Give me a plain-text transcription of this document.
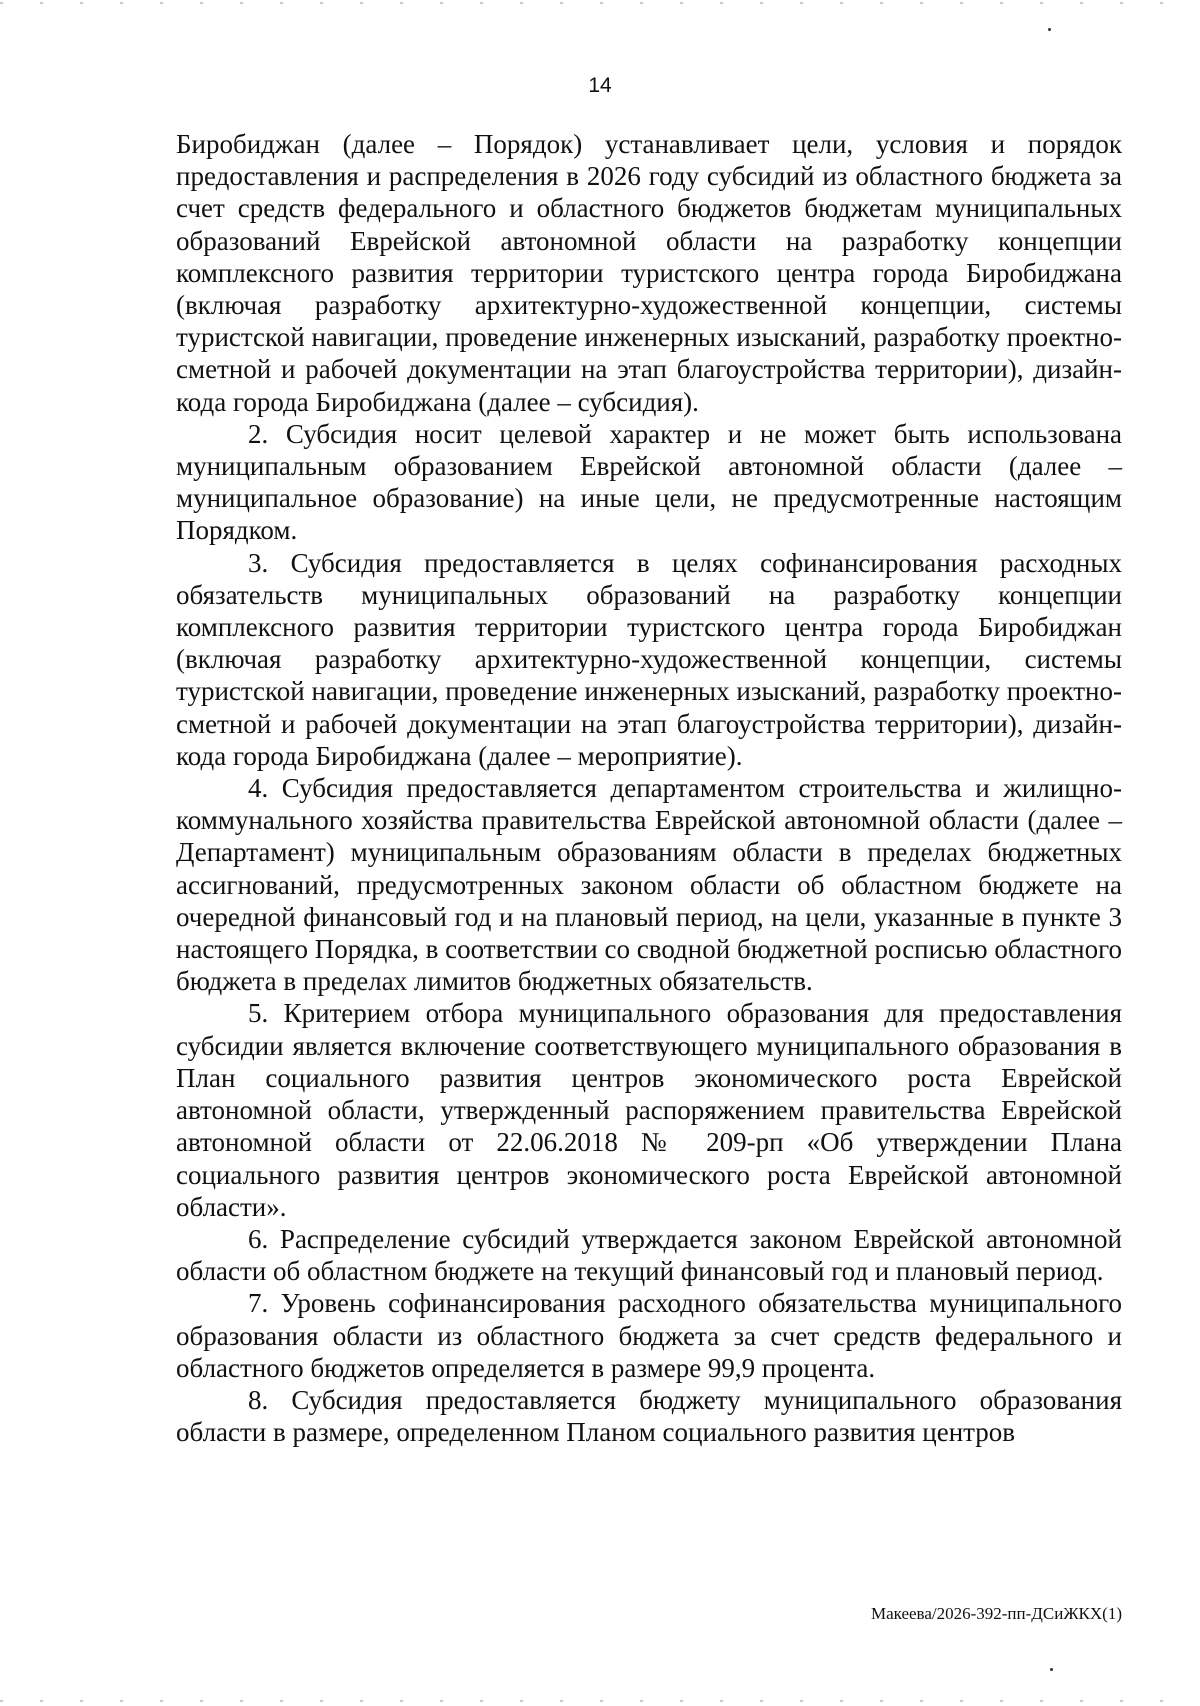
14

Биробиджан (далее – Порядок) устанавливает цели, условия и порядок предоставления и распределения в 2026 году субсидий из областного бюджета за счет средств федерального и областного бюджетов бюджетам муниципальных образований Еврейской автономной области на разработку концепции комплексного развития территории туристского центра города Биробиджана (включая разработку архитектурно-художественной концепции, системы туристской навигации, проведение инженерных изысканий, разработку проектно-сметной и рабочей документации на этап благоустройства территории), дизайн-кода города Биробиджана (далее – субсидия).

2. Субсидия носит целевой характер и не может быть использована муниципальным образованием Еврейской автономной области (далее – муниципальное образование) на иные цели, не предусмотренные настоящим Порядком.

3. Субсидия предоставляется в целях софинансирования расходных обязательств муниципальных образований на разработку концепции комплексного развития территории туристского центра города Биробиджан (включая разработку архитектурно-художественной концепции, системы туристской навигации, проведение инженерных изысканий, разработку проектно-сметной и рабочей документации на этап благоустройства территории), дизайн-кода города Биробиджана (далее – мероприятие).

4. Субсидия предоставляется департаментом строительства и жилищно-коммунального хозяйства правительства Еврейской автономной области (далее – Департамент) муниципальным образованиям области в пределах бюджетных ассигнований, предусмотренных законом области об областном бюджете на очередной финансовый год и на плановый период, на цели, указанные в пункте 3 настоящего Порядка, в соответствии со сводной бюджетной росписью областного бюджета в пределах лимитов бюджетных обязательств.

5. Критерием отбора муниципального образования для предоставления субсидии является включение соответствующего муниципального образования в План социального развития центров экономического роста Еврейской автономной области, утвержденный распоряжением правительства Еврейской автономной области от 22.06.2018 № 209-рп «Об утверждении Плана социального развития центров экономического роста Еврейской автономной области».

6. Распределение субсидий утверждается законом Еврейской автономной области об областном бюджете на текущий финансовый год и плановый период.

7. Уровень софинансирования расходного обязательства муниципального образования области из областного бюджета за счет средств федерального и областного бюджетов определяется в размере 99,9 процента.

8. Субсидия предоставляется бюджету муниципального образования области в размере, определенном Планом социального развития центров

Макеева/2026-392-пп-ДСиЖКХ(1)
